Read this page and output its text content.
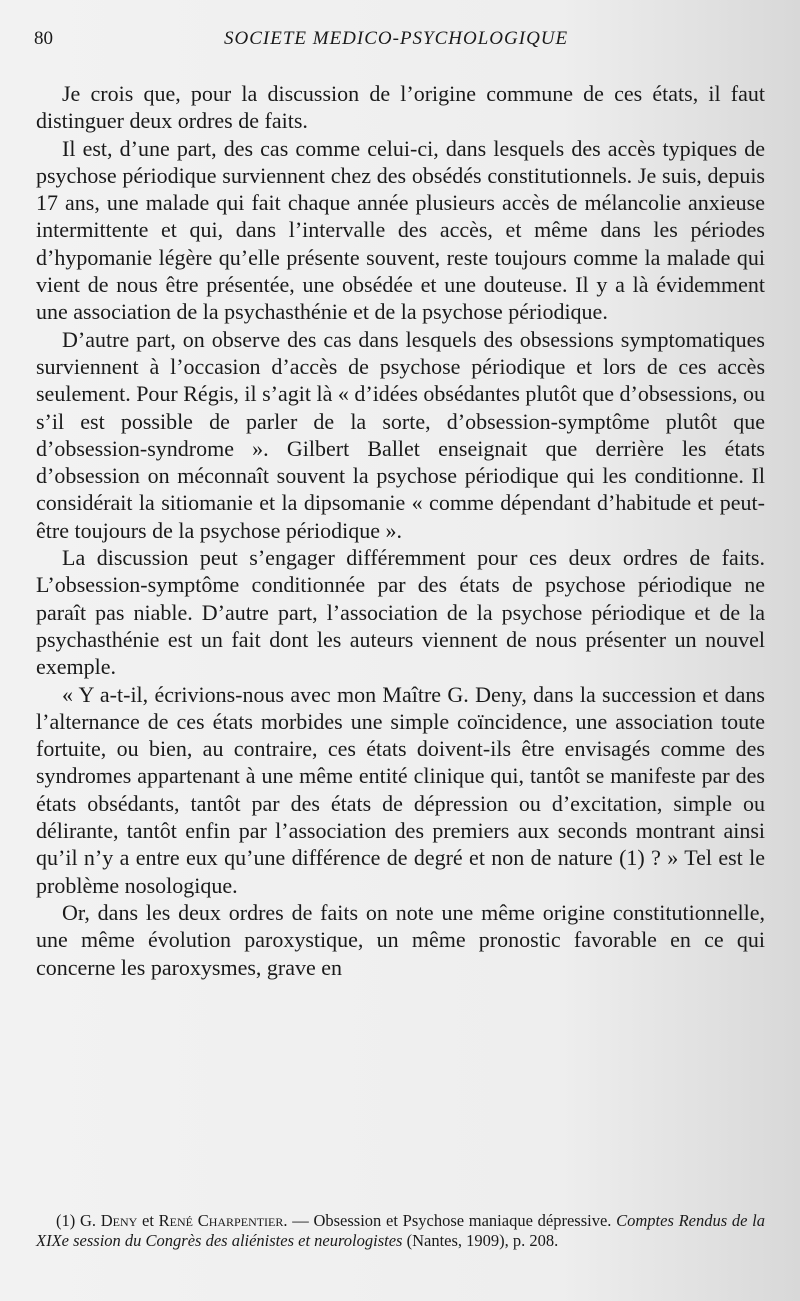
80	SOCIETE MEDICO-PSYCHOLOGIQUE

Je crois que, pour la discussion de l’origine commune de ces états, il faut distinguer deux ordres de faits.

Il est, d’une part, des cas comme celui-ci, dans lesquels des accès typiques de psychose périodique surviennent chez des obsédés constitutionnels. Je suis, depuis 17 ans, une malade qui fait chaque année plusieurs accès de mélancolie anxieuse intermittente et qui, dans l’intervalle des accès, et même dans les périodes d’hypomanie légère qu’elle présente souvent, reste toujours comme la malade qui vient de nous être présentée, une obsédée et une douteuse. Il y a là évidemment une association de la psychasthénie et de la psychose périodique.

D’autre part, on observe des cas dans lesquels des obsessions symptomatiques surviennent à l’occasion d’accès de psychose périodique et lors de ces accès seulement. Pour Régis, il s’agit là « d’idées obsédantes plutôt que d’obsessions, ou s’il est possible de parler de la sorte, d’obsession-symptôme plutôt que d’obsession-syndrome ». Gilbert Ballet enseignait que derrière les états d’obsession on méconnaît souvent la psychose périodique qui les conditionne. Il considérait la sitiomanie et la dipsomanie « comme dépendant d’habitude et peut-être toujours de la psychose périodique ».

La discussion peut s’engager différemment pour ces deux ordres de faits. L’obsession-symptôme conditionnée par des états de psychose périodique ne paraît pas niable. D’autre part, l’association de la psychose périodique et de la psychasthénie est un fait dont les auteurs viennent de nous présenter un nouvel exemple.

« Y a-t-il, écrivions-nous avec mon Maître G. Deny, dans la succession et dans l’alternance de ces états morbides une simple coïncidence, une association toute fortuite, ou bien, au contraire, ces états doivent-ils être envisagés comme des syndromes appartenant à une même entité clinique qui, tantôt se manifeste par des états obsédants, tantôt par des états de dépression ou d’excitation, simple ou délirante, tantôt enfin par l’association des premiers aux seconds montrant ainsi qu’il n’y a entre eux qu’une différence de degré et non de nature (1) ? » Tel est le problème nosologique.

Or, dans les deux ordres de faits on note une même origine constitutionnelle, une même évolution paroxystique, un même pronostic favorable en ce qui concerne les paroxysmes, grave en

(1) G. Deny et René Charpentier. — Obsession et Psychose maniaque dépressive. Comptes Rendus de la XIXe session du Congrès des aliénistes et neurologistes (Nantes, 1909), p. 208.
